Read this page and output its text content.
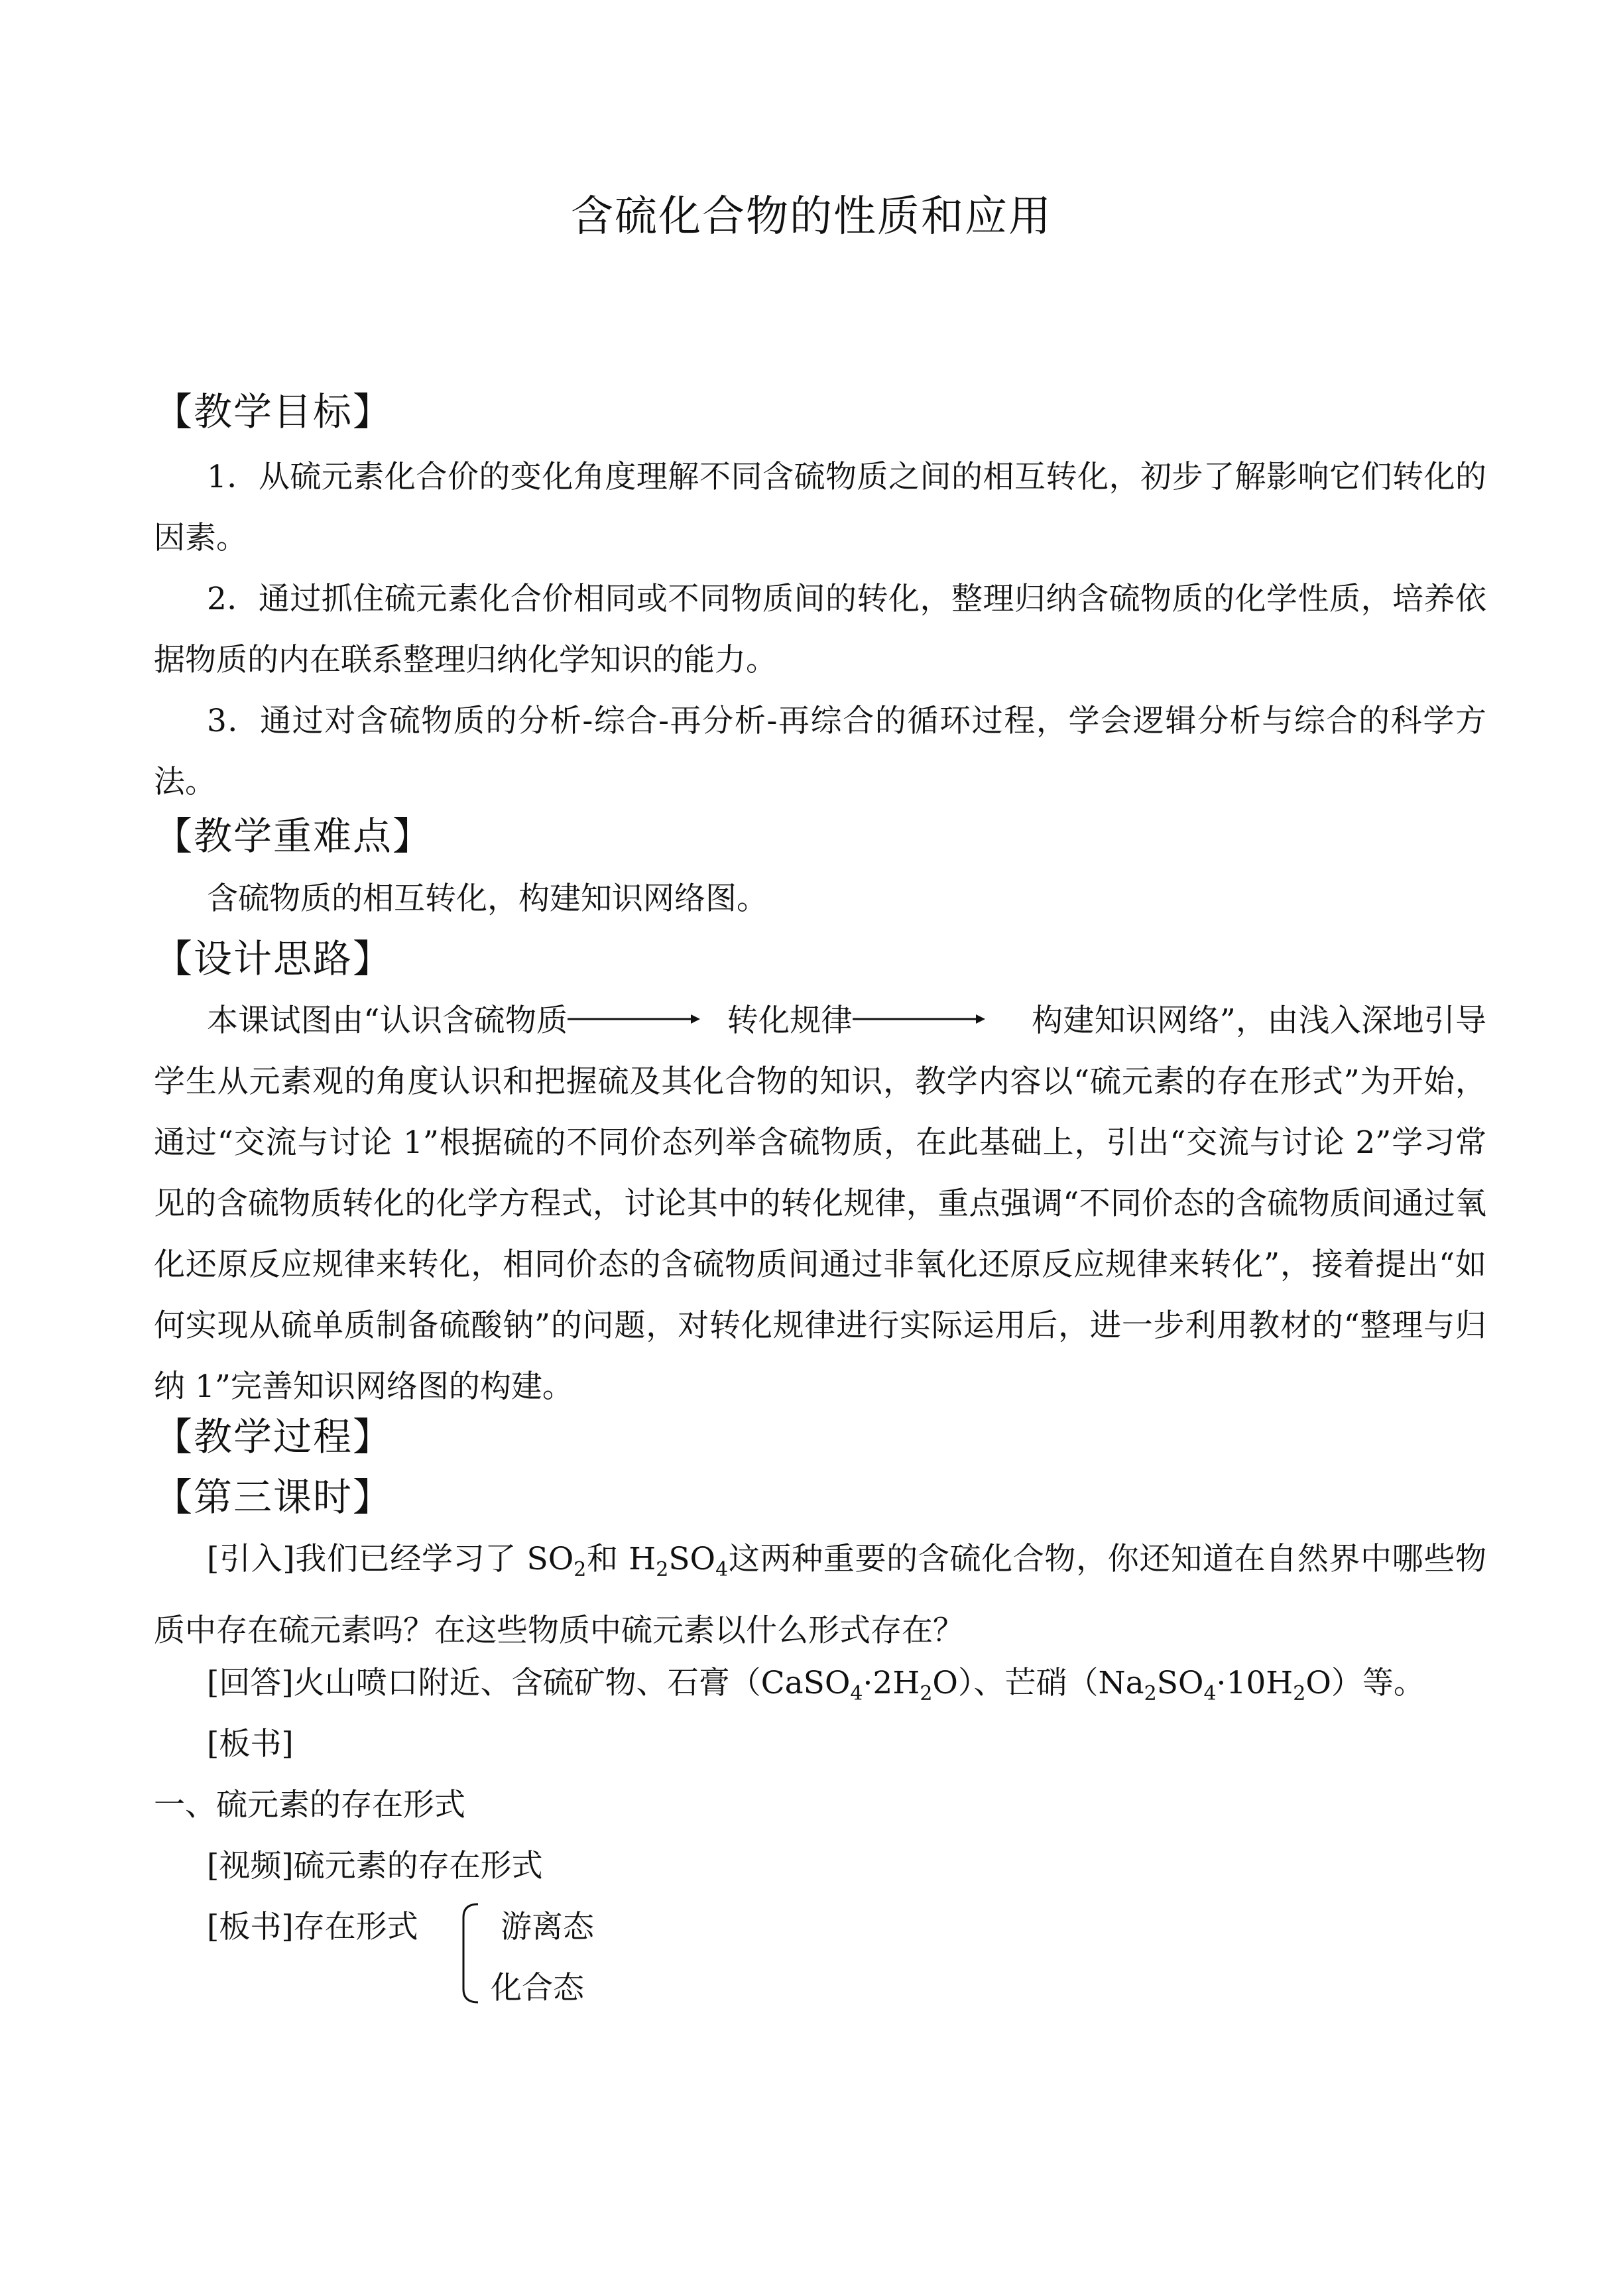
含硫化合物的性质和应用
【教学目标】

1．从硫元素化合价的变化角度理解不同含硫物质之间的相互转化，初步了解影响它们转化的因素。

2．通过抓住硫元素化合价相同或不同物质间的转化，整理归纳含硫物质的化学性质，培养依据物质的内在联系整理归纳化学知识的能力。

3．通过对含硫物质的分析-综合-再分析-再综合的循环过程，学会逻辑分析与综合的科学方法。

【教学重难点】

含硫物质的相互转化，构建知识网络图。

【设计思路】

本课试图由“认识含硫物质	转化规律	构建知识网络”，由浅入深地引导学生从元素观的角度认识和把握硫及其化合物的知识，教学内容以“硫元素的存在形式”为开始，通过“交流与讨论 1”根据硫的不同价态列举含硫物质，在此基础上，引出“交流与讨论 2”学习常见的含硫物质转化的化学方程式，讨论其中的转化规律，重点强调“不同价态的含硫物质间通过氧化还原反应规律来转化，相同价态的含硫物质间通过非氧化还原反应规律来转化”，接着提出“如何实现从硫单质制备硫酸钠”的问题，对转化规律进行实际运用后，进一步利用教材的“整理与归纳 1”完善知识网络图的构建。

【教学过程】
【第三课时】

[引入]我们已经学习了 $SO_2$和 $H_2SO_4$这两种重要的含硫化合物，你还知道在自然界中哪些物质中存在硫元素吗？在这些物质中硫元素以什么形式存在？

[回答]火山喷口附近、含硫矿物、石膏$(CaSO_4\cdot 2H_2O)$、芒硝$(Na_2SO_4\cdot 10H_2O)$等。
[板书]
一、硫元素的存在形式
[视频]硫元素的存在形式
[板书]存在形式	游离态
化合态
